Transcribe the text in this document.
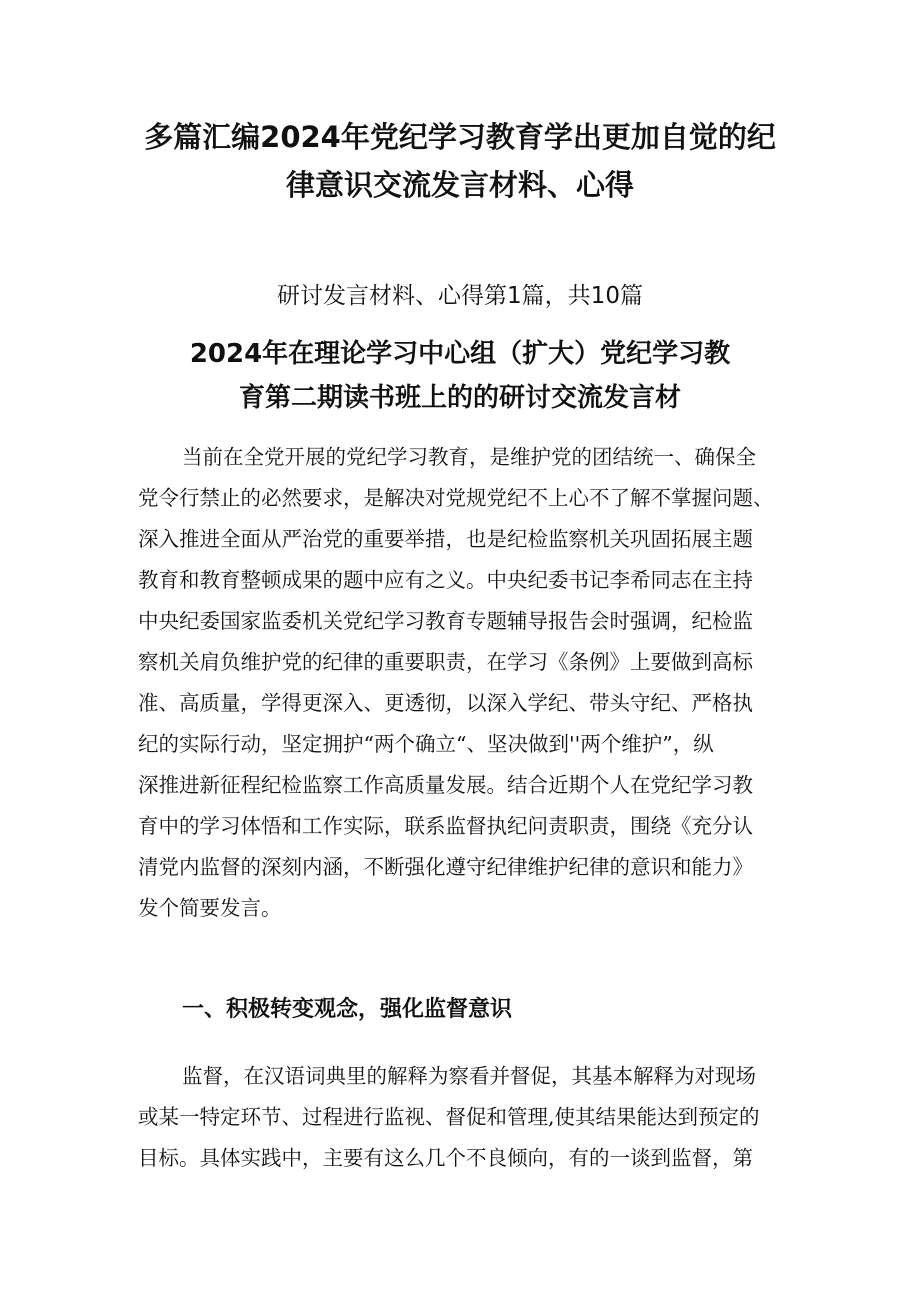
多篇汇编2024年党纪学习教育学出更加自觉的纪
律意识交流发言材料、心得
研讨发言材料、心得第1篇，共10篇
2024年在理论学习中心组（扩大）党纪学习教
育第二期读书班上的的研讨交流发言材
当前在全党开展的党纪学习教育，是维护党的团结统一、确保全
党令行禁止的必然要求，是解决对党规党纪不上心不了解不掌握问题、
深入推进全面从严治党的重要举措，也是纪检监察机关巩固拓展主题
教育和教育整顿成果的题中应有之义。中央纪委书记李希同志在主持
中央纪委国家监委机关党纪学习教育专题辅导报告会时强调，纪检监
察机关肩负维护党的纪律的重要职责，在学习《条例》上要做到高标
准、高质量，学得更深入、更透彻，以深入学纪、带头守纪、严格执
纪的实际行动，坚定拥护“两个确立“、坚决做到''两个维护”，纵
深推进新征程纪检监察工作高质量发展。结合近期个人在党纪学习教
育中的学习体悟和工作实际，联系监督执纪问责职责，围绕《充分认
清党内监督的深刻内涵，不断强化遵守纪律维护纪律的意识和能力》
发个简要发言。
一、积极转变观念，强化监督意识
监督，在汉语词典里的解释为察看并督促，其基本解释为对现场
或某一特定环节、过程进行监视、督促和管理,使其结果能达到预定的
目标。具体实践中，主要有这么几个不良倾向，有的一谈到监督，第
